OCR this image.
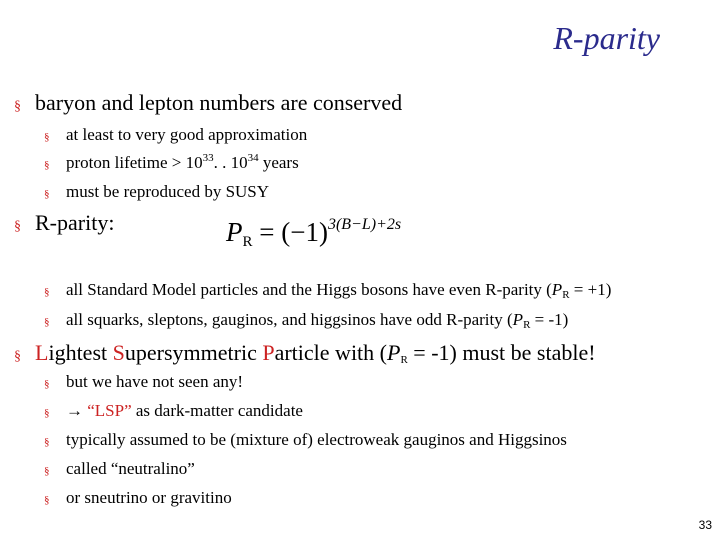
R-parity
§ baryon and lepton numbers are conserved
§ at least to very good approximation
§ proton lifetime > $10^{33}$. . $10^{34}$ years
§ must be reproduced by SUSY
§ R-parity:	$P_R = (-1)^{3(B-L)+2s}$
§ all Standard Model particles and the Higgs bosons have even R-parity $(P_R = +1)$
§ all squarks, sleptons, gauginos, and higgsinos have odd R-parity $(P_R = -1)$
§ Lightest Supersymmetric Particle with $(P_R = -1)$ must be stable!
§ but we have not seen any!
§ → “LSP” as dark-matter candidate
§ typically assumed to be (mixture of) electroweak gauginos and Higgsinos
§ called “neutralino”
§ or sneutrino or gravitino
33
